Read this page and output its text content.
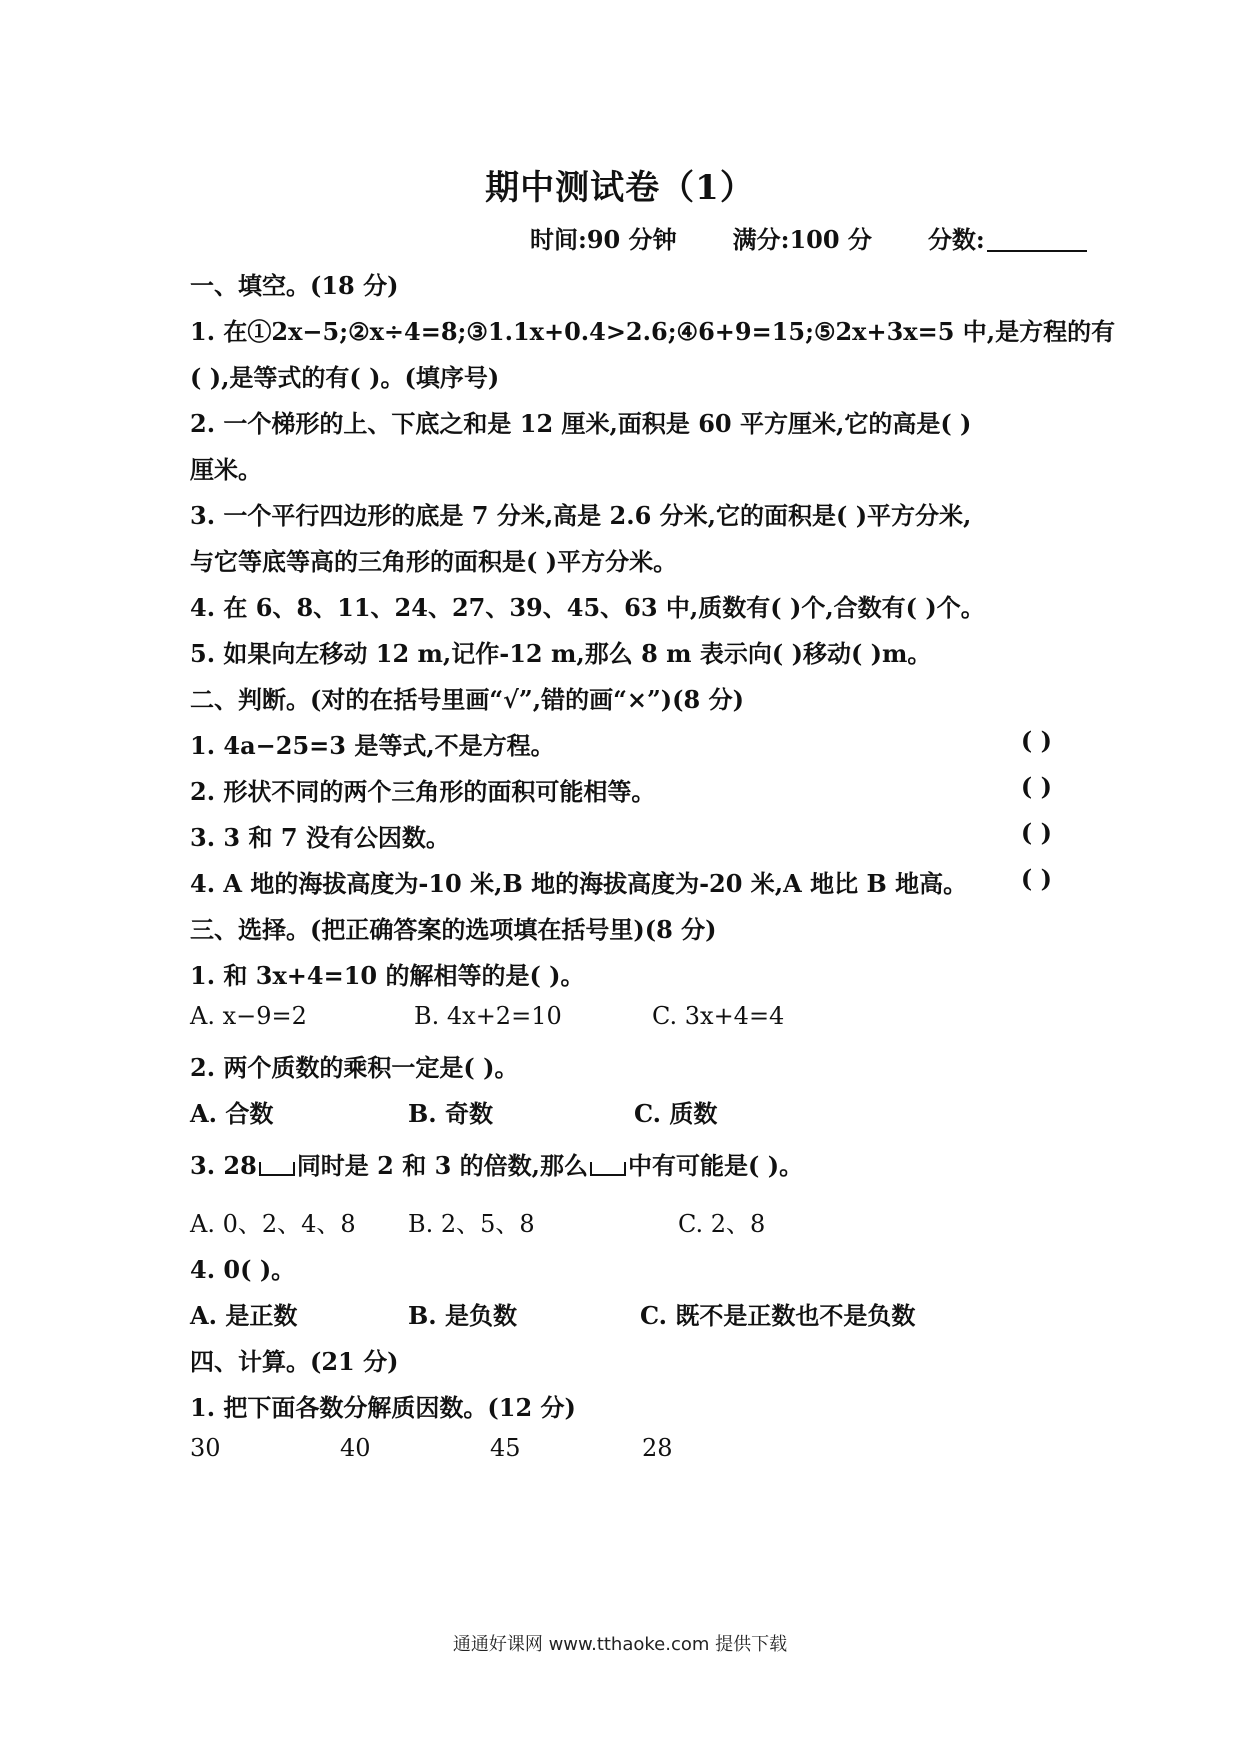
期中测试卷（1）
时间:90 分钟 满分:100 分 分数:
一、填空。(18 分)
1. 在①2x−5;②x÷4=8;③1.1x+0.4>2.6;④6+9=15;⑤2x+3x=5 中,是方程的有
( ),是等式的有( )。(填序号)
2. 一个梯形的上、下底之和是 12 厘米,面积是 60 平方厘米,它的高是( )
厘米。
3. 一个平行四边形的底是 7 分米,高是 2.6 分米,它的面积是( )平方分米,
与它等底等高的三角形的面积是( )平方分米。
4. 在 6、8、11、24、27、39、45、63 中,质数有( )个,合数有( )个。
5. 如果向左移动 12 m,记作-12 m,那么 8 m 表示向( )移动( )m。
二、判断。(对的在括号里画“√”,错的画“×”)(8 分)
1. 4a−25=3 是等式,不是方程。	( )
2. 形状不同的两个三角形的面积可能相等。	( )
3. 3 和 7 没有公因数。	( )
4. A 地的海拔高度为-10 米,B 地的海拔高度为-20 米,A 地比 B 地高。 ( )
三、选择。(把正确答案的选项填在括号里)(8 分)
1. 和 3x+4=10 的解相等的是( )。
A. x−9=2	B. 4x+2=10	C. 3x+4=4
2. 两个质数的乘积一定是( )。
A. 合数	B. 奇数	C. 质数
3. 28 同时是 2 和 3 的倍数,那么 中有可能是( )。
A. 0、2、4、8 B. 2、5、8	C. 2、8
4. 0( )。
A. 是正数	B. 是负数	C. 既不是正数也不是负数
四、计算。(21 分)
1. 把下面各数分解质因数。(12 分)
30	40	45	28
通通好课网 www.tthaoke.com 提供下载
